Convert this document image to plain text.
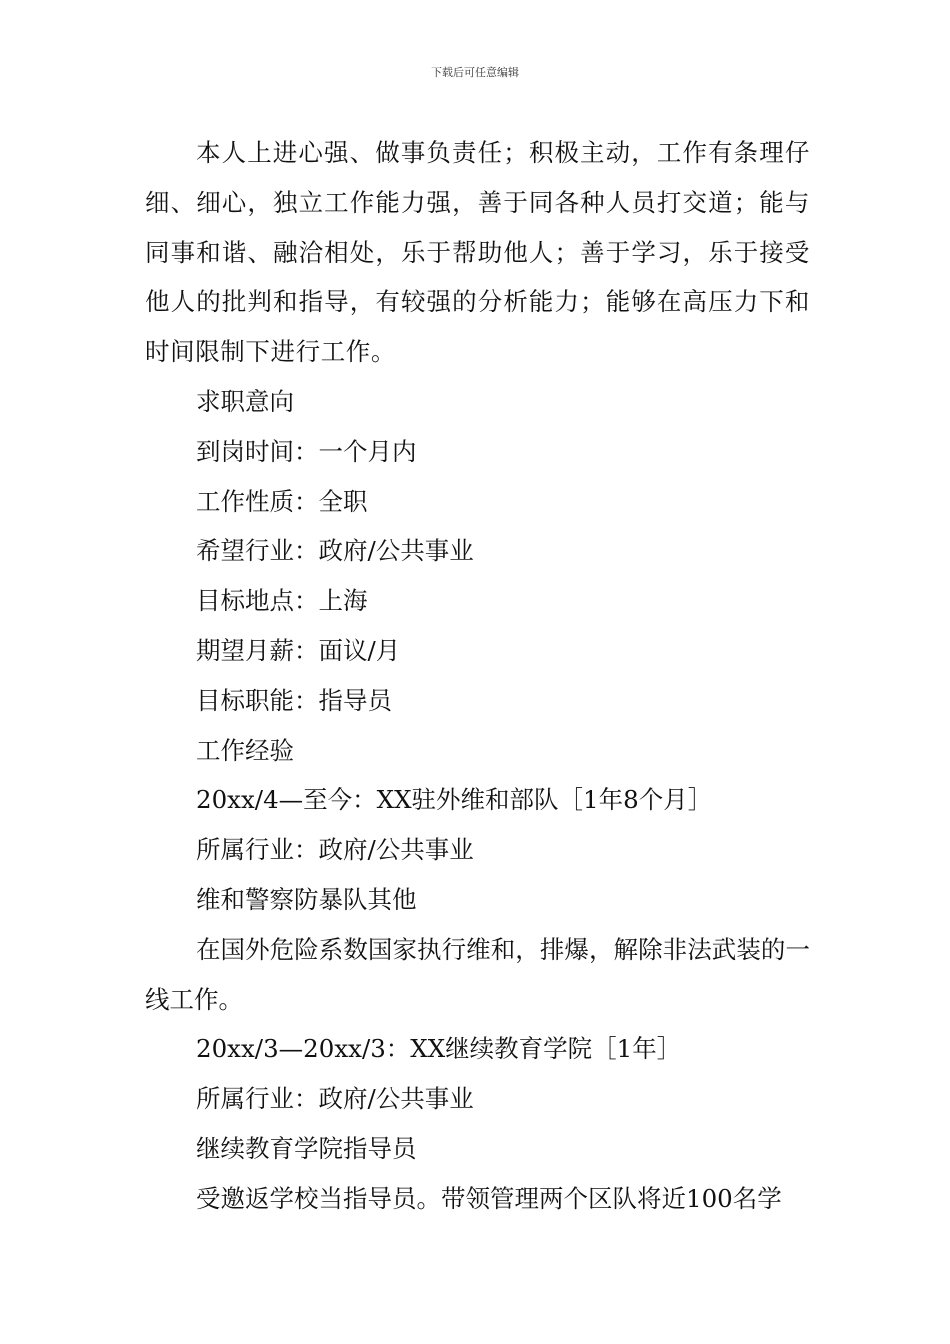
下载后可任意编辑

本人上进心强、做事负责任；积极主动，工作有条理仔细、细心，独立工作能力强，善于同各种人员打交道；能与同事和谐、融洽相处，乐于帮助他人；善于学习，乐于接受他人的批判和指导，有较强的分析能力；能够在高压力下和时间限制下进行工作。

求职意向

到岗时间：一个月内

工作性质：全职

希望行业：政府/公共事业

目标地点：上海

期望月薪：面议/月

目标职能：指导员

工作经验

20xx/4—至今：XX驻外维和部队［1年8个月］

所属行业：政府/公共事业

维和警察防暴队其他

在国外危险系数国家执行维和，排爆，解除非法武装的一线工作。

20xx/3—20xx/3：XX继续教育学院［1年］

所属行业：政府/公共事业

继续教育学院指导员

受邀返学校当指导员。带领管理两个区队将近100名学
